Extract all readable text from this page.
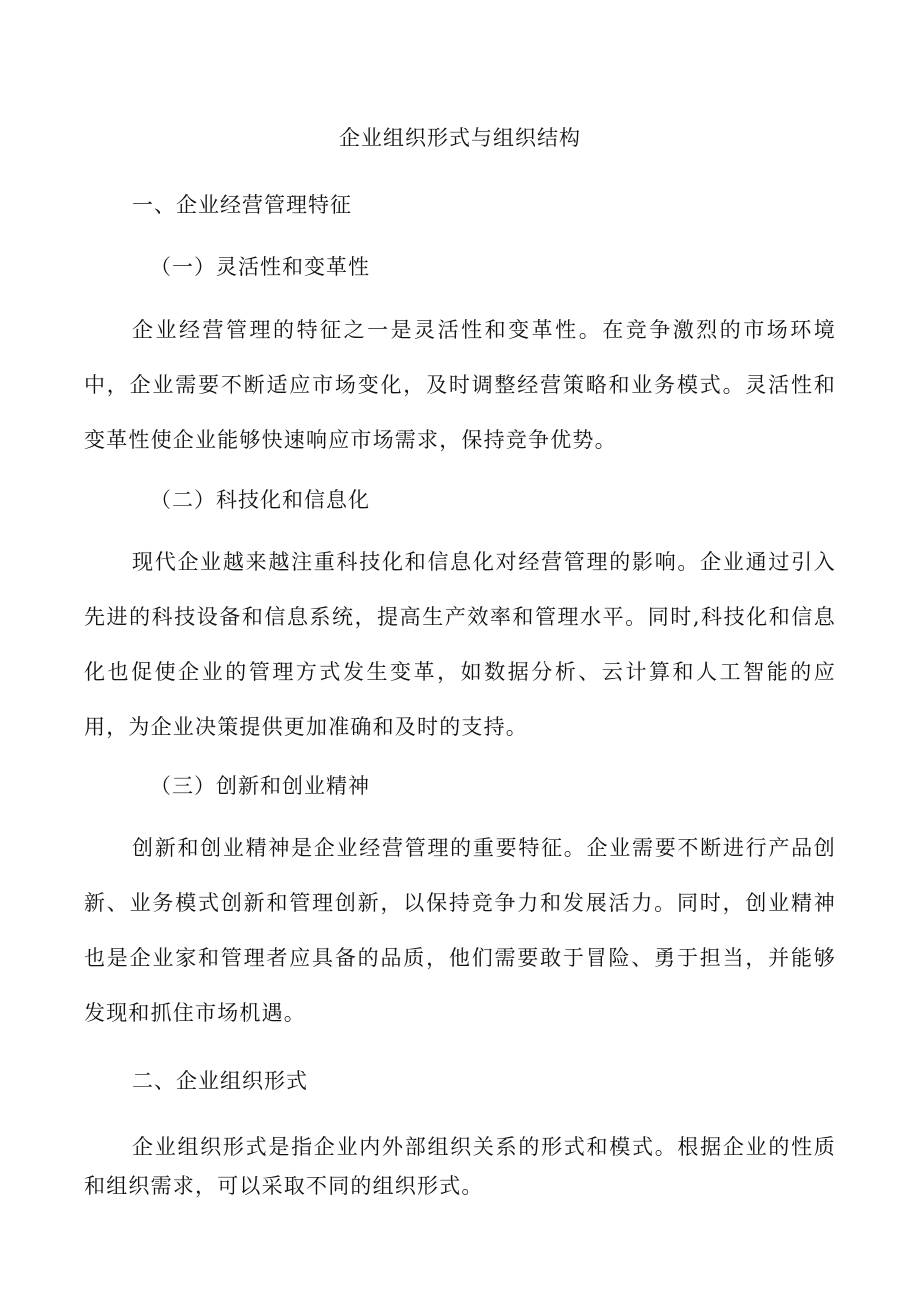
企业组织形式与组织结构
一、企业经营管理特征
（一）灵活性和变革性

企业经营管理的特征之一是灵活性和变革性。在竞争激烈的市场环境中，企业需要不断适应市场变化，及时调整经营策略和业务模式。灵活性和变革性使企业能够快速响应市场需求，保持竞争优势。

（二）科技化和信息化

现代企业越来越注重科技化和信息化对经营管理的影响。企业通过引入先进的科技设备和信息系统，提高生产效率和管理水平。同时,科技化和信息化也促使企业的管理方式发生变革，如数据分析、云计算和人工智能的应用，为企业决策提供更加准确和及时的支持。

（三）创新和创业精神

创新和创业精神是企业经营管理的重要特征。企业需要不断进行产品创新、业务模式创新和管理创新，以保持竞争力和发展活力。同时，创业精神也是企业家和管理者应具备的品质，他们需要敢于冒险、勇于担当，并能够发现和抓住市场机遇。

二、企业组织形式

企业组织形式是指企业内外部组织关系的形式和模式。根据企业的性质和组织需求，可以采取不同的组织形式。
